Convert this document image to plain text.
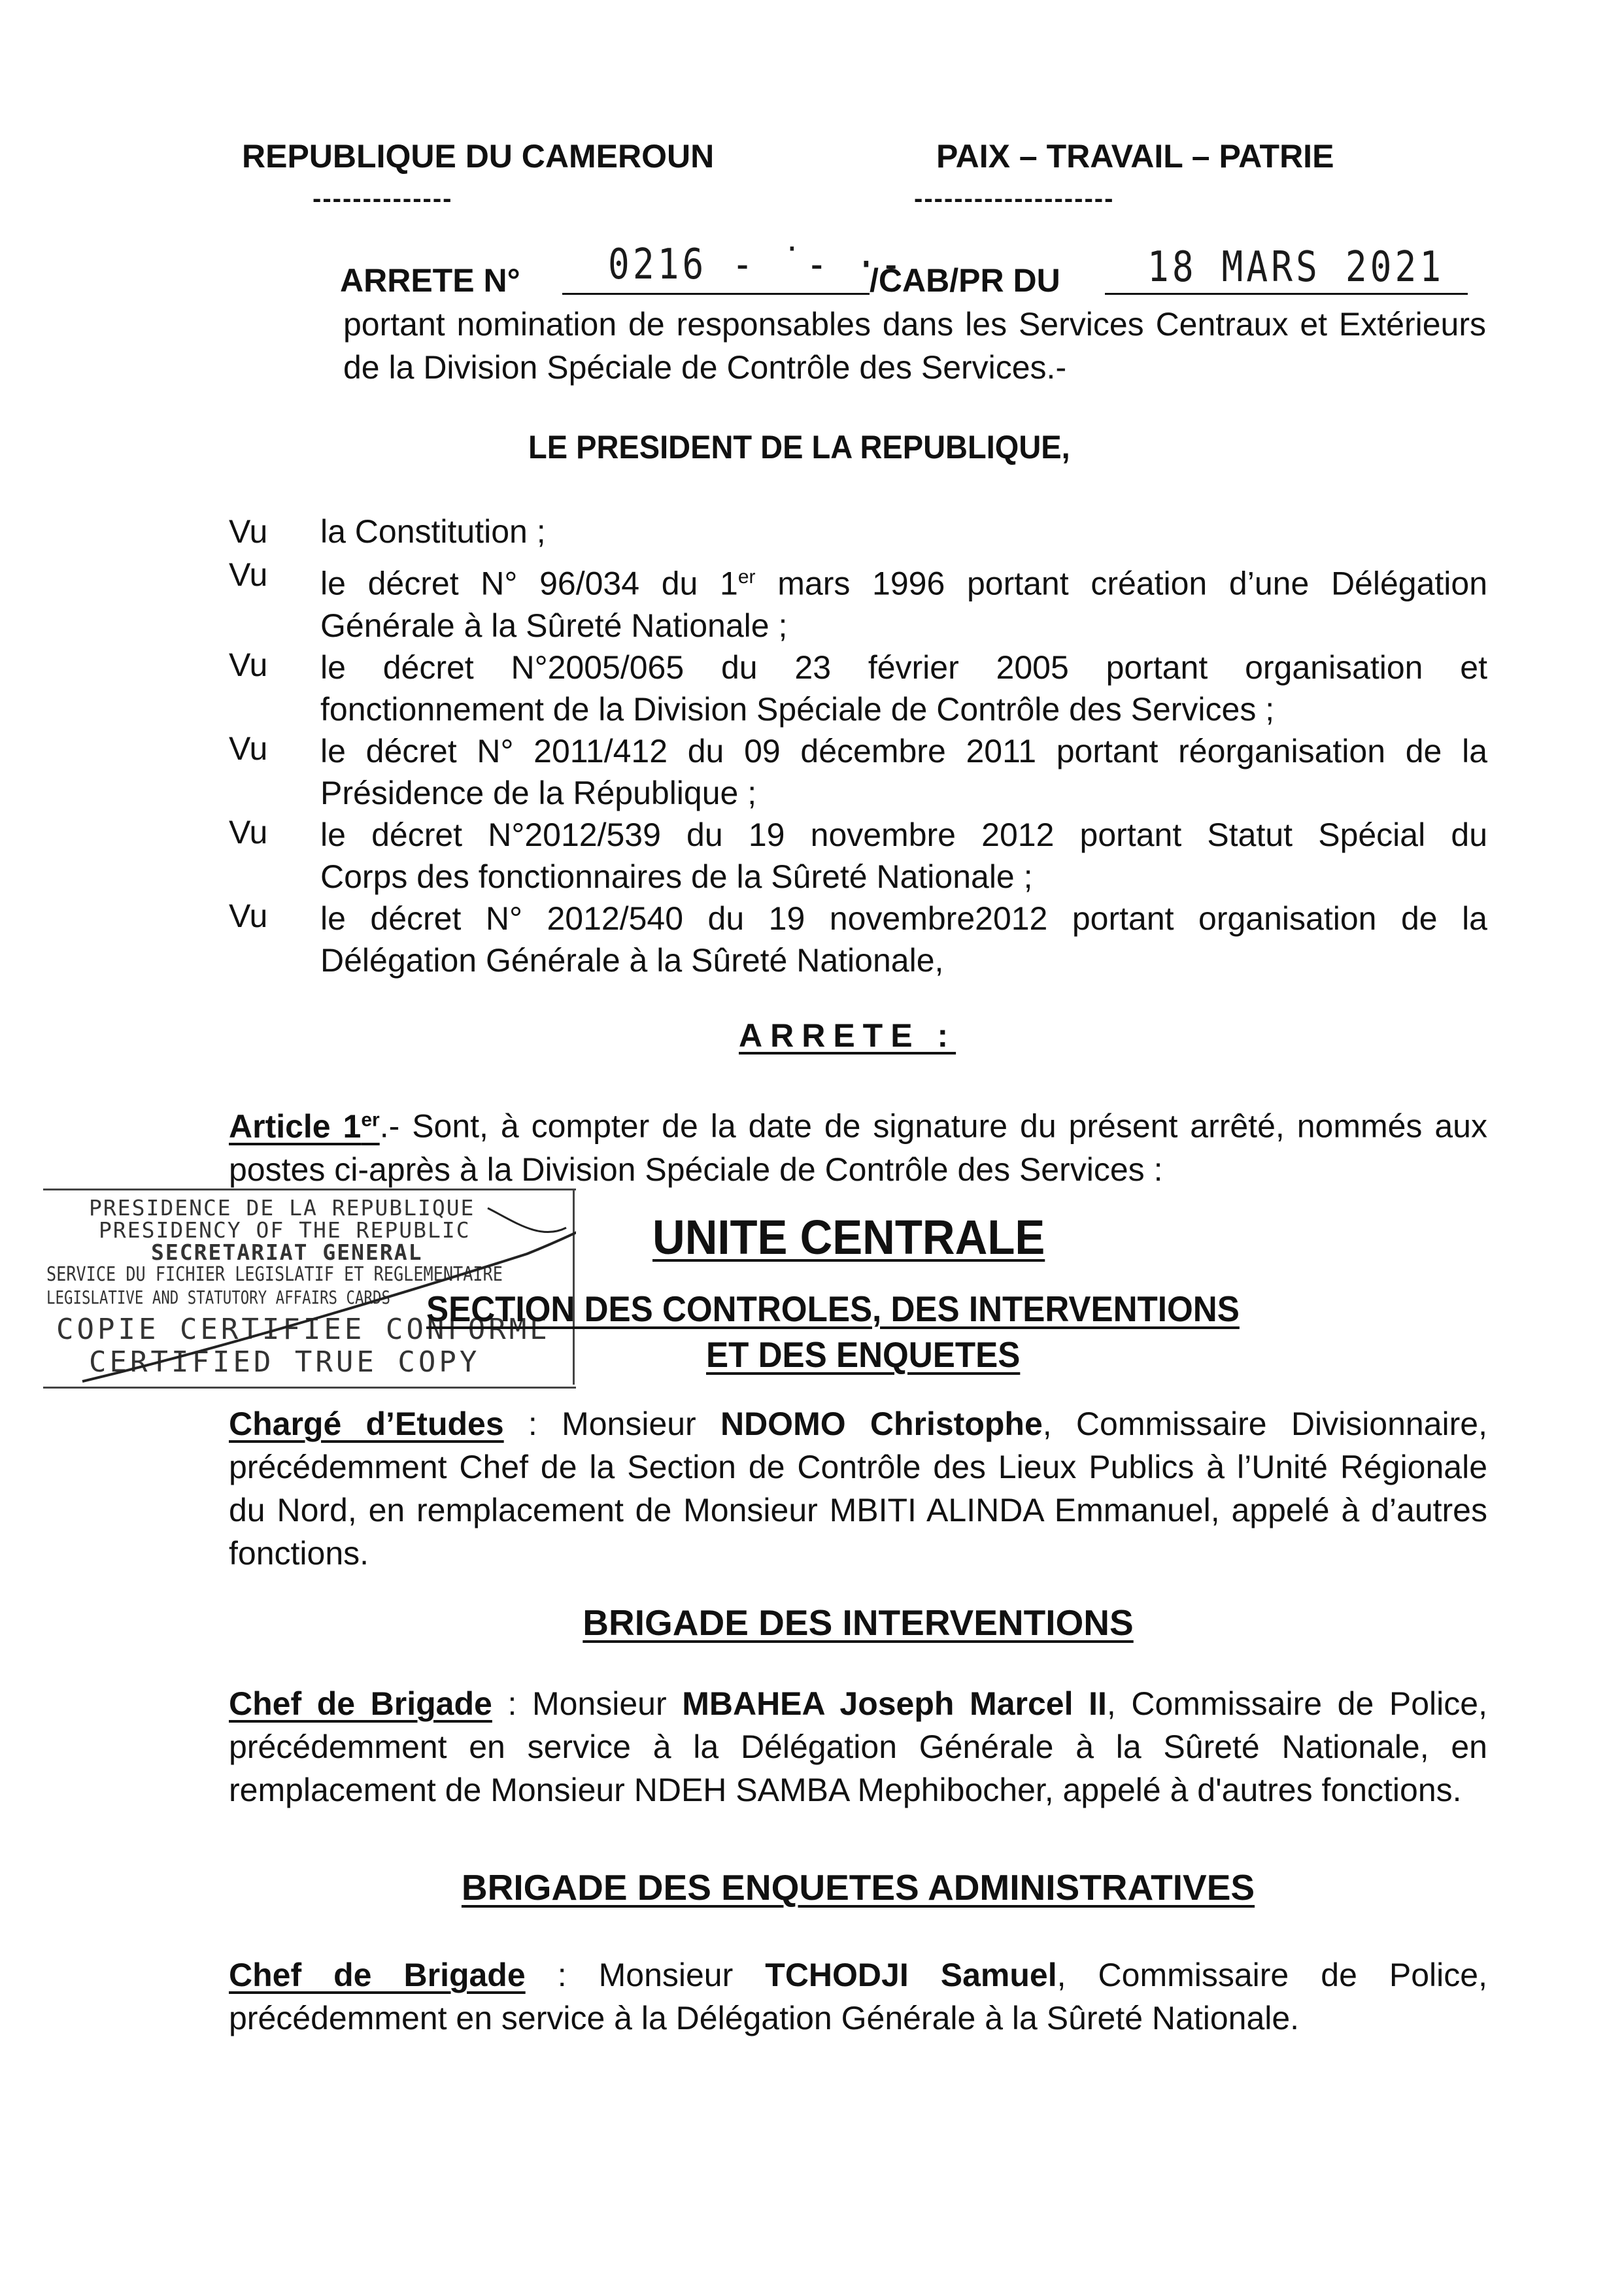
REPUBLIQUE DU CAMEROUN
--------------
PAIX – TRAVAIL – PATRIE
--------------------
ARRETE N° 0216 - ˙- ·-
/CAB/PR DU 18 MARS 2021
portant nomination de responsables dans les Services Centraux et Extérieurs de la Division Spéciale de Contrôle des Services.-
LE PRESIDENT DE LA REPUBLIQUE,
Vu	la Constitution ;
Vu	le décret N° 96/034 du 1er mars 1996 portant création d’une Délégation
Générale à la Sûreté Nationale ;
Vu	le décret N°2005/065 du 23 février 2005 portant organisation et
fonctionnement de la Division Spéciale de Contrôle des Services ;
Vu	le décret N° 2011/412 du 09 décembre 2011 portant réorganisation de la
Présidence de la République ;
Vu	le décret N°2012/539 du 19 novembre 2012 portant Statut Spécial du
Corps des fonctionnaires de la Sûreté Nationale ;
Vu	le décret N° 2012/540 du 19 novembre2012 portant organisation de la
Délégation Générale à la Sûreté Nationale,
ARRETE :
Article 1er.- Sont, à compter de la date de signature du présent arrêté, nommés aux postes ci-après à la Division Spéciale de Contrôle des Services :
PRESIDENCE DE LA REPUBLIQUE
PRESIDENCY OF THE REPUBLIC
SECRETARIAT GENERAL
SERVICE DU FICHIER LEGISLATIF ET REGLEMENTAIRE
LEGISLATIVE AND STATUTORY AFFAIRS CARDS
COPIE CERTIFIEE CONFORME
CERTIFIED TRUE COPY
UNITE CENTRALE
SECTION DES CONTROLES, DES INTERVENTIONS
ET DES ENQUETES
Chargé d’Etudes : Monsieur NDOMO Christophe, Commissaire Divisionnaire, précédemment Chef de la Section de Contrôle des Lieux Publics à l’Unité Régionale du Nord, en remplacement de Monsieur MBITI ALINDA Emmanuel, appelé à d’autres fonctions.
BRIGADE DES INTERVENTIONS
Chef de Brigade : Monsieur MBAHEA Joseph Marcel II, Commissaire de Police, précédemment en service à la Délégation Générale à la Sûreté Nationale, en remplacement de Monsieur NDEH SAMBA Mephibocher, appelé à d'autres fonctions.
BRIGADE DES ENQUETES ADMINISTRATIVES
Chef de Brigade : Monsieur TCHODJI Samuel, Commissaire de Police, précédemment en service à la Délégation Générale à la Sûreté Nationale.
